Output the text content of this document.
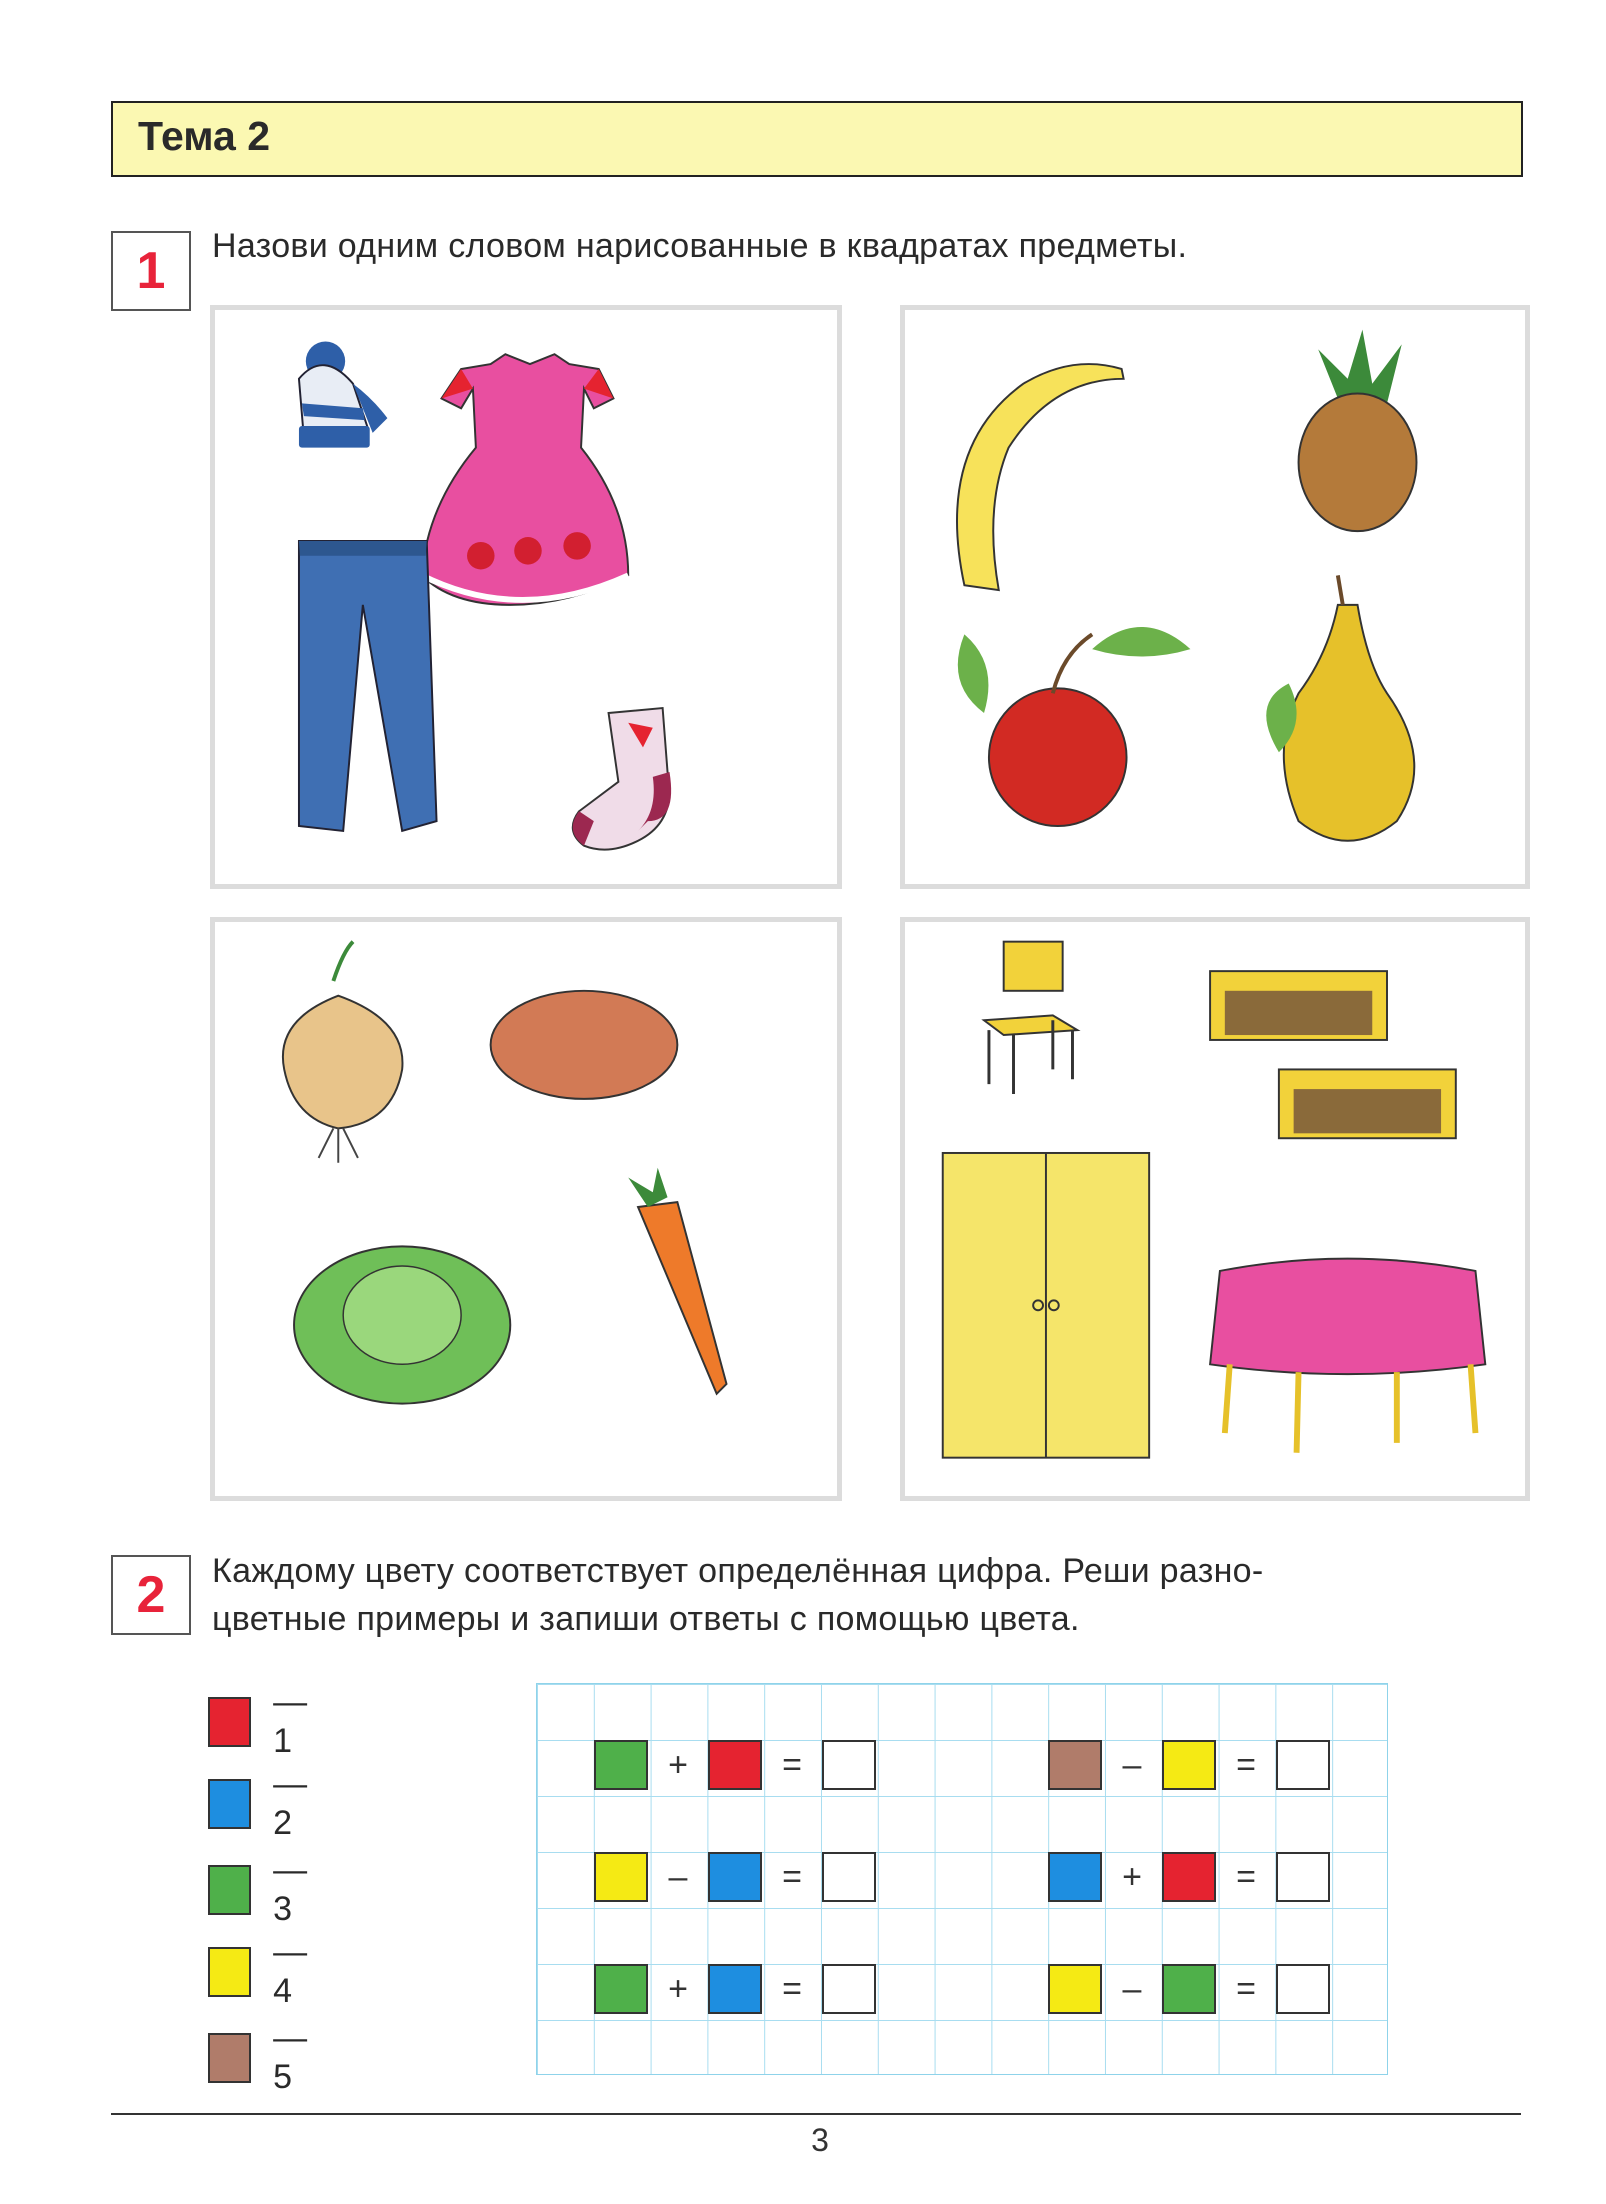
Тема 2
1	Назови одним словом нарисованные в квадратах предметы.
2	Каждому цвету соответствует определённая цифра. Реши разно-
цветные примеры и запиши ответы с помощью цвета.
— 1
— 2
— 3
— 4
— 5
+	=	–	=
–	=	+	=
+	=	–	=
3
